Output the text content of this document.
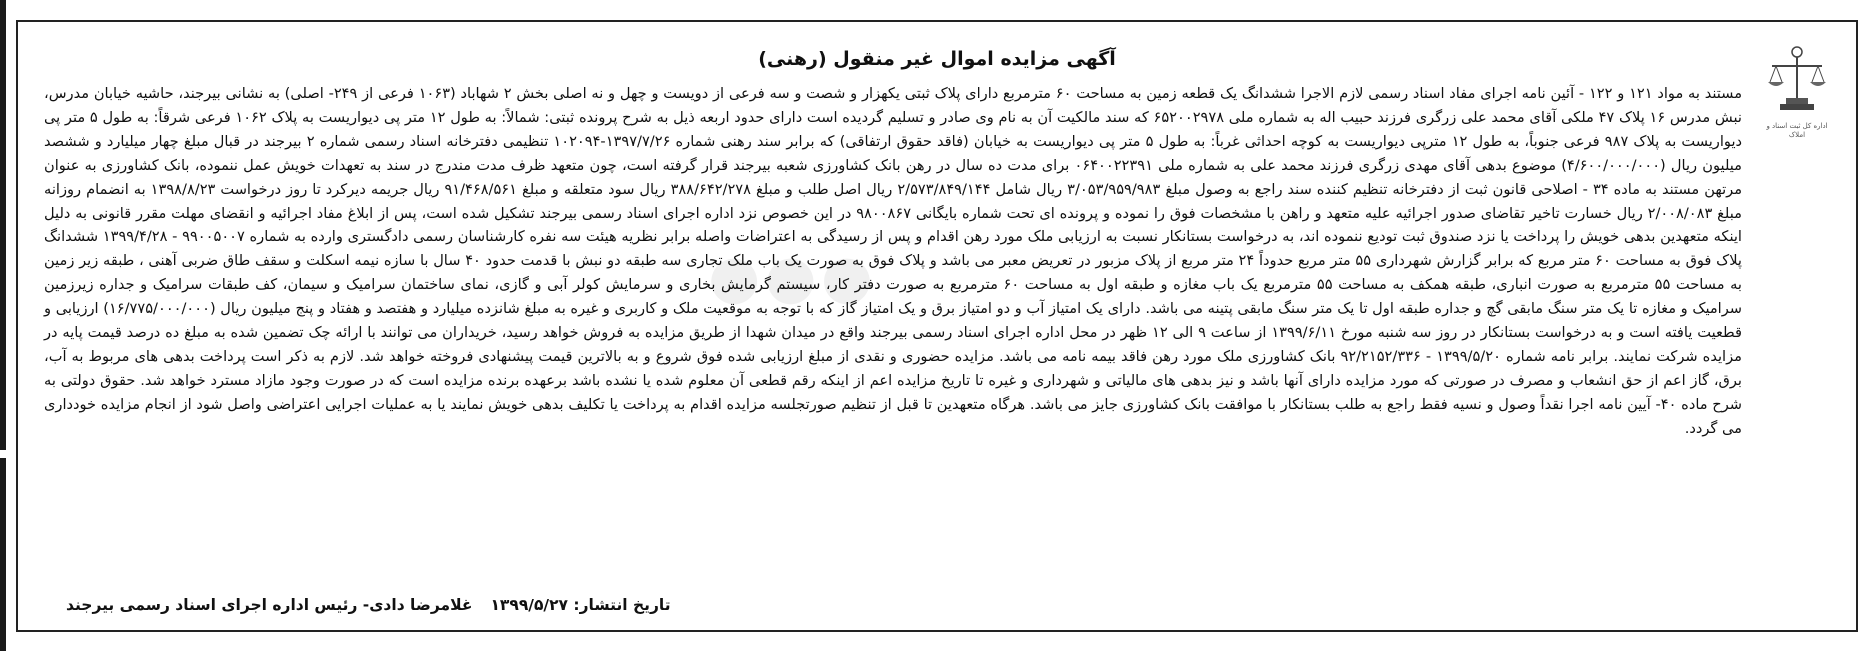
اداره کل ثبت اسناد و املاک
آگهی مزایده اموال غیر منقول (رهنی)
●●●

مستند به مواد ۱۲۱ و ۱۲۲ - آئین نامه اجرای مفاد اسناد رسمی لازم الاجرا ششدانگ یک قطعه زمین به مساحت ۶۰ مترمربع دارای پلاک ثبتی یکهزار و شصت و سه فرعی از دویست و چهل و نه اصلی بخش ۲ شهاباد (۱۰۶۳ فرعی از ۲۴۹- اصلی) به نشانی بیرجند، حاشیه خیابان مدرس، نبش مدرس ۱۶ پلاک ۴۷ ملکی آقای محمد علی زرگری فرزند حبیب اله به شماره ملی ۶۵۲۰۰۲۹۷۸ که سند مالکیت آن به نام وی صادر و تسلیم گردیده است دارای حدود اربعه ذیل به شرح پرونده ثبتی: شمالاً: به طول ۱۲ متر پی دیواریست به پلاک ۱۰۶۲ فرعی شرقاً: به طول ۵ متر پی دیواریست به پلاک ۹۸۷ فرعی جنوباً، به طول ۱۲ مترپی دیواریست به کوچه احداثی غرباً: به طول ۵ متر پی دیواریست به خیابان (فاقد حقوق ارتفاقی) که برابر سند رهنی شماره ۱۳۹۷/۷/۲۶-۱۰۲۰۹۴ تنظیمی دفترخانه اسناد رسمی شماره ۲ بیرجند در قبال مبلغ چهار میلیارد و ششصد میلیون ریال (۴/۶۰۰/۰۰۰/۰۰۰) موضوع بدهی آقای مهدی زرگری فرزند محمد علی به شماره ملی ۰۶۴۰۰۲۲۳۹۱ برای مدت ده سال در رهن بانک کشاورزی شعبه بیرجند قرار گرفته است، چون متعهد ظرف مدت مندرج در سند به تعهدات خویش عمل ننموده، بانک کشاورزی به عنوان مرتهن مستند به ماده ۳۴ - اصلاحی قانون ثبت از دفترخانه تنظیم کننده سند راجع به وصول مبلغ ۳/۰۵۳/۹۵۹/۹۸۳ ریال شامل ۲/۵۷۳/۸۴۹/۱۴۴ ریال اصل طلب و مبلغ ۳۸۸/۶۴۲/۲۷۸ ریال سود متعلقه و مبلغ ۹۱/۴۶۸/۵۶۱ ریال جریمه دیرکرد تا روز درخواست ۱۳۹۸/۸/۲۳ به انضمام روزانه مبلغ ۲/۰۰۸/۰۸۳ ریال خسارت تاخیر تقاضای صدور اجرائیه علیه متعهد و راهن با مشخصات فوق را نموده و پرونده ای تحت شماره بایگانی ۹۸۰۰۸۶۷ در این خصوص نزد اداره اجرای اسناد رسمی بیرجند تشکیل شده است، پس از ابلاغ مفاد اجرائیه و انقضای مهلت مقرر قانونی به دلیل اینکه متعهدین بدهی خویش را پرداخت یا نزد صندوق ثبت تودیع ننموده اند، به درخواست بستانکار نسبت به ارزیابی ملک مورد رهن اقدام و پس از رسیدگی به اعتراضات واصله برابر نظریه هیئت سه نفره کارشناسان رسمی دادگستری وارده به شماره ۹۹۰۰۵۰۰۷ - ۱۳۹۹/۴/۲۸ ششدانگ پلاک فوق به مساحت ۶۰ متر مربع که برابر گزارش شهرداری ۵۵ متر مربع حدوداً ۲۴ متر مربع از پلاک مزبور در تعریض معبر می باشد و پلاک فوق به صورت یک باب ملک تجاری سه طبقه دو نبش با قدمت حدود ۴۰ سال با سازه نیمه اسکلت و سقف طاق ضربی آهنی ، طبقه زیر زمین به مساحت ۵۵ مترمربع به صورت انباری، طبقه همکف به مساحت ۵۵ مترمربع یک باب مغازه و طبقه اول به مساحت ۶۰ مترمربع به صورت دفتر کار، سیستم گرمایش بخاری و سرمایش کولر آبی و گازی، نمای ساختمان سرامیک و سیمان، کف طبقات سرامیک و جداره زیرزمین سرامیک و مغازه تا یک متر سنگ مابقی گچ و جداره طبقه اول تا یک متر سنگ مابقی پتینه می باشد. دارای یک امتیاز آب و دو امتیاز برق و یک امتیاز گاز که با توجه به موقعیت ملک و کاربری و غیره به مبلغ شانزده میلیارد و هفتصد و هفتاد و پنج میلیون ریال (۱۶/۷۷۵/۰۰۰/۰۰۰) ارزیابی و قطعیت یافته است و به درخواست بستانکار در روز سه شنبه مورخ ۱۳۹۹/۶/۱۱ از ساعت ۹ الی ۱۲ ظهر در محل اداره اجرای اسناد رسمی بیرجند واقع در میدان شهدا از طریق مزایده به فروش خواهد رسید، خریداران می توانند با ارائه چک تضمین شده به مبلغ ده درصد قیمت پایه در مزایده شرکت نمایند. برابر نامه شماره ۱۳۹۹/۵/۲۰ - ۹۲/۲۱۵۲/۳۳۶ بانک کشاورزی ملک مورد رهن فاقد بیمه نامه می باشد. مزایده حضوری و نقدی از مبلغ ارزیابی شده فوق شروع و به بالاترین قیمت پیشنهادی فروخته خواهد شد. لازم به ذکر است پرداخت بدهی های مربوط به آب، برق، گاز اعم از حق انشعاب و مصرف در صورتی که مورد مزایده دارای آنها باشد و نیز بدهی های مالیاتی و شهرداری و غیره تا تاریخ مزایده اعم از اینکه رقم قطعی آن معلوم شده یا نشده باشد برعهده برنده مزایده است که در صورت وجود مازاد مسترد خواهد شد. حقوق دولتی به شرح ماده ۴۰- آیین نامه اجرا نقداً وصول و نسیه فقط راجع به طلب بستانکار با موافقت بانک کشاورزی جایز می باشد. هرگاه متعهدین تا قبل از تنظیم صورتجلسه مزایده اقدام به پرداخت یا تکلیف بدهی خویش نمایند یا به عملیات اجرایی اعتراضی واصل شود از انجام مزایده خودداری می گردد.

تاریخ انتشار: ۱۳۹۹/۵/۲۷غلامرضا دادی- رئیس اداره اجرای اسناد رسمی بیرجند
